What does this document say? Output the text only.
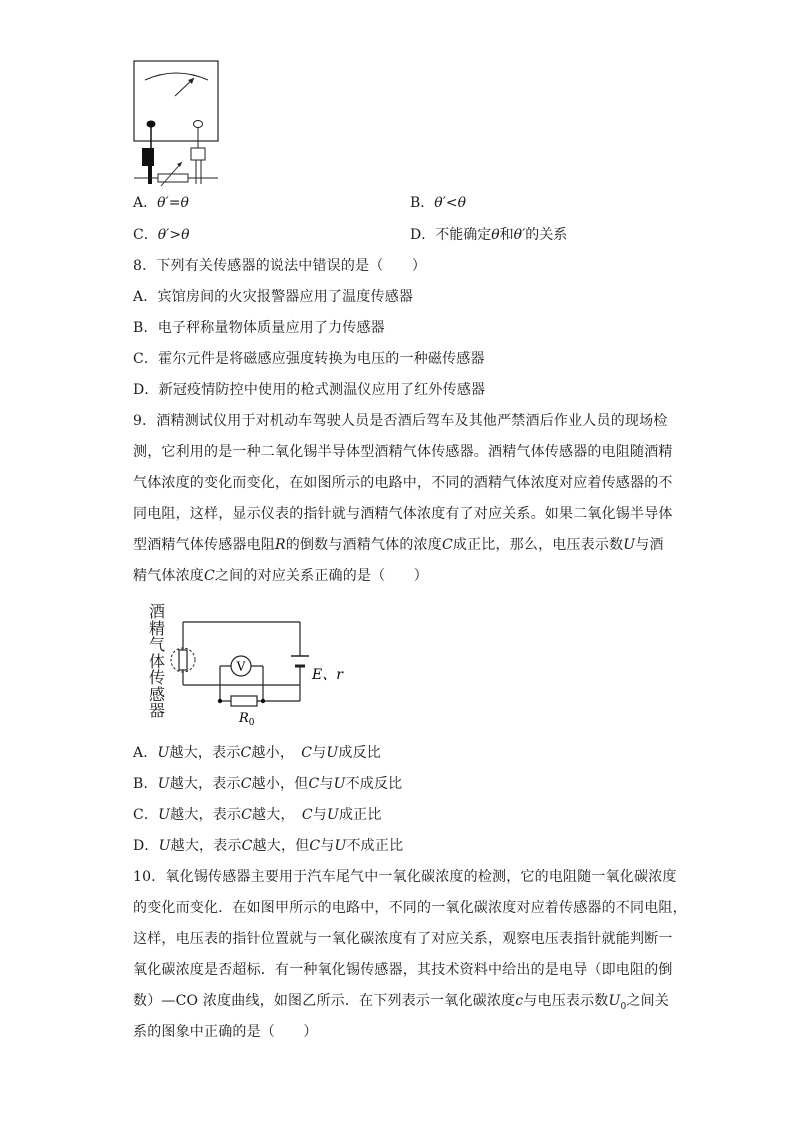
A．θ′=θ	B．θ′<θ
C．θ′>θ	D．不能确定θ和θ′的关系
8．下列有关传感器的说法中错误的是（　　）
A．宾馆房间的火灾报警器应用了温度传感器
B．电子秤称量物体质量应用了力传感器
C．霍尔元件是将磁感应强度转换为电压的一种磁传感器
D．新冠疫情防控中使用的枪式测温仪应用了红外传感器
9．酒精测试仪用于对机动车驾驶人员是否酒后驾车及其他严禁酒后作业人员的现场检
测，它利用的是一种二氧化锡半导体型酒精气体传感器。酒精气体传感器的电阻随酒精
气体浓度的变化而变化，在如图所示的电路中，不同的酒精气体浓度对应着传感器的不
同电阻，这样，显示仪表的指针就与酒精气体浓度有了对应关系。如果二氧化锡半导体
型酒精气体传感器电阻R的倒数与酒精气体的浓度C成正比，那么，电压表示数U与酒
精气体浓度C之间的对应关系正确的是（　　）
酒
精
气
体
传
感
器
V
E、r
$R_0$
A．U越大，表示C越小，　C与U成反比
B．U越大，表示C越小，但C与U不成反比
C．U越大，表示C越大，　C与U成正比
D．U越大，表示C越大，但C与U不成正比
10．氧化锡传感器主要用于汽车尾气中一氧化碳浓度的检测，它的电阻随一氧化碳浓度
的变化而变化．在如图甲所示的电路中，不同的一氧化碳浓度对应着传感器的不同电阻，
这样，电压表的指针位置就与一氧化碳浓度有了对应关系，观察电压表指针就能判断一
氧化碳浓度是否超标．有一种氧化锡传感器，其技术资料中给出的是电导（即电阻的倒
数）—CO 浓度曲线，如图乙所示．在下列表示一氧化碳浓度c与电压表示数$U_0$之间关
系的图象中正确的是（　　）
